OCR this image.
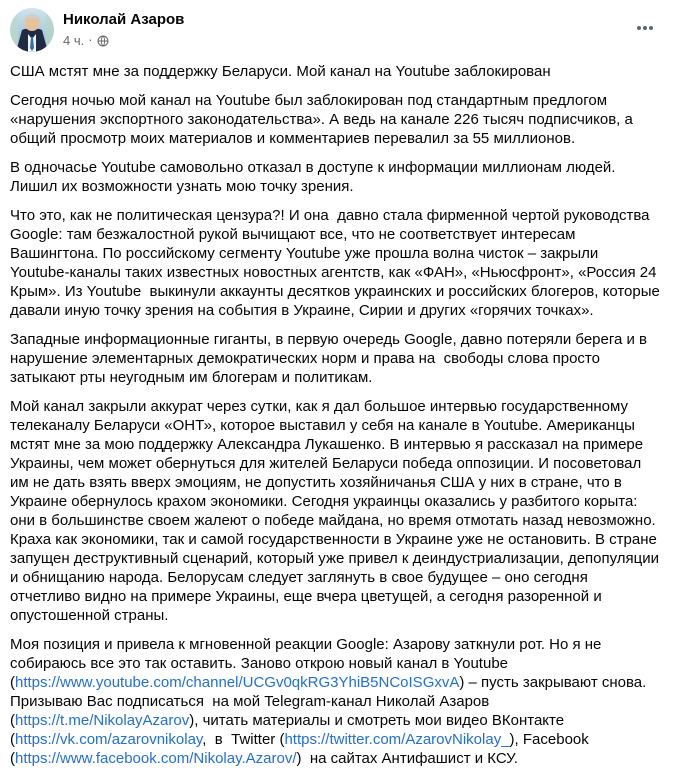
Николай Азаров
4 ч. ·

США мстят мне за поддержку Беларуси. Мой канал на Youtube заблокирован

Сегодня ночью мой канал на Youtube был заблокирован под стандартным предлогом «нарушения экспортного законодательства». А ведь на канале 226 тысяч подписчиков, а общий просмотр моих материалов и комментариев перевалил за 55 миллионов.

В одночасье Youtube самовольно отказал в доступе к информации миллионам людей. Лишил их возможности узнать мою точку зрения.

Что это, как не политическая цензура?! И она  давно стала фирменной чертой руководства Google: там безжалостной рукой вычищают все, что не соответствует интересам Вашингтона. По российскому сегменту Youtube уже прошла волна чисток – закрыли Youtube-каналы таких известных новостных агентств, как «ФАН», «Ньюсфронт», «Россия 24 Крым». Из Youtube  выкинули аккаунты десятков украинских и российских блогеров, которые давали иную точку зрения на события в Украине, Сирии и других «горячих точках».

Западные информационные гиганты, в первую очередь Google, давно потеряли берега и в нарушение элементарных демократических норм и права на  свободы слова просто затыкают рты неугодным им блогерам и политикам.

Мой канал закрыли аккурат через сутки, как я дал большое интервью государственному телеканалу Беларуси «ОНТ», которое выставил у себя на канале в Youtube. Американцы мстят мне за мою поддержку Александра Лукашенко. В интервью я рассказал на примере Украины, чем может обернуться для жителей Беларуси победа оппозиции. И посоветовал им не дать взять вверх эмоциям, не допустить хозяйничанья США у них в стране, что в Украине обернулось крахом экономики. Сегодня украинцы оказались у разбитого корыта: они в большинстве своем жалеют о победе майдана, но время отмотать назад невозможно. Краха как экономики, так и самой государственности в Украине уже не остановить. В стране запущен деструктивный сценарий, который уже привел к деиндустриализации, депопуляции и обнищанию народа. Белорусам следует заглянуть в свое будущее – оно сегодня отчетливо видно на примере Украины, еще вчера цветущей, а сегодня разоренной и опустошенной страны.

Моя позиция и привела к мгновенной реакции Google: Азарову заткнули рот. Но я не собираюсь все это так оставить. Заново открою новый канал в Youtube (https://www.youtube.com/channel/UCGv0qkRG3YhiB5NCoISGxvA) – пусть закрывают снова. Призываю Вас подписаться  на мой Telegram-канал Николай Азаров (https://t.me/NikolayAzarov), читать материалы и смотреть мои видео ВКонтакте (https://vk.com/azarovnikolay,  в  Twitter (https://twitter.com/AzarovNikolay_), Facebook (https://www.facebook.com/Nikolay.Azarov/)  на сайтах Антифашист и КСУ.
